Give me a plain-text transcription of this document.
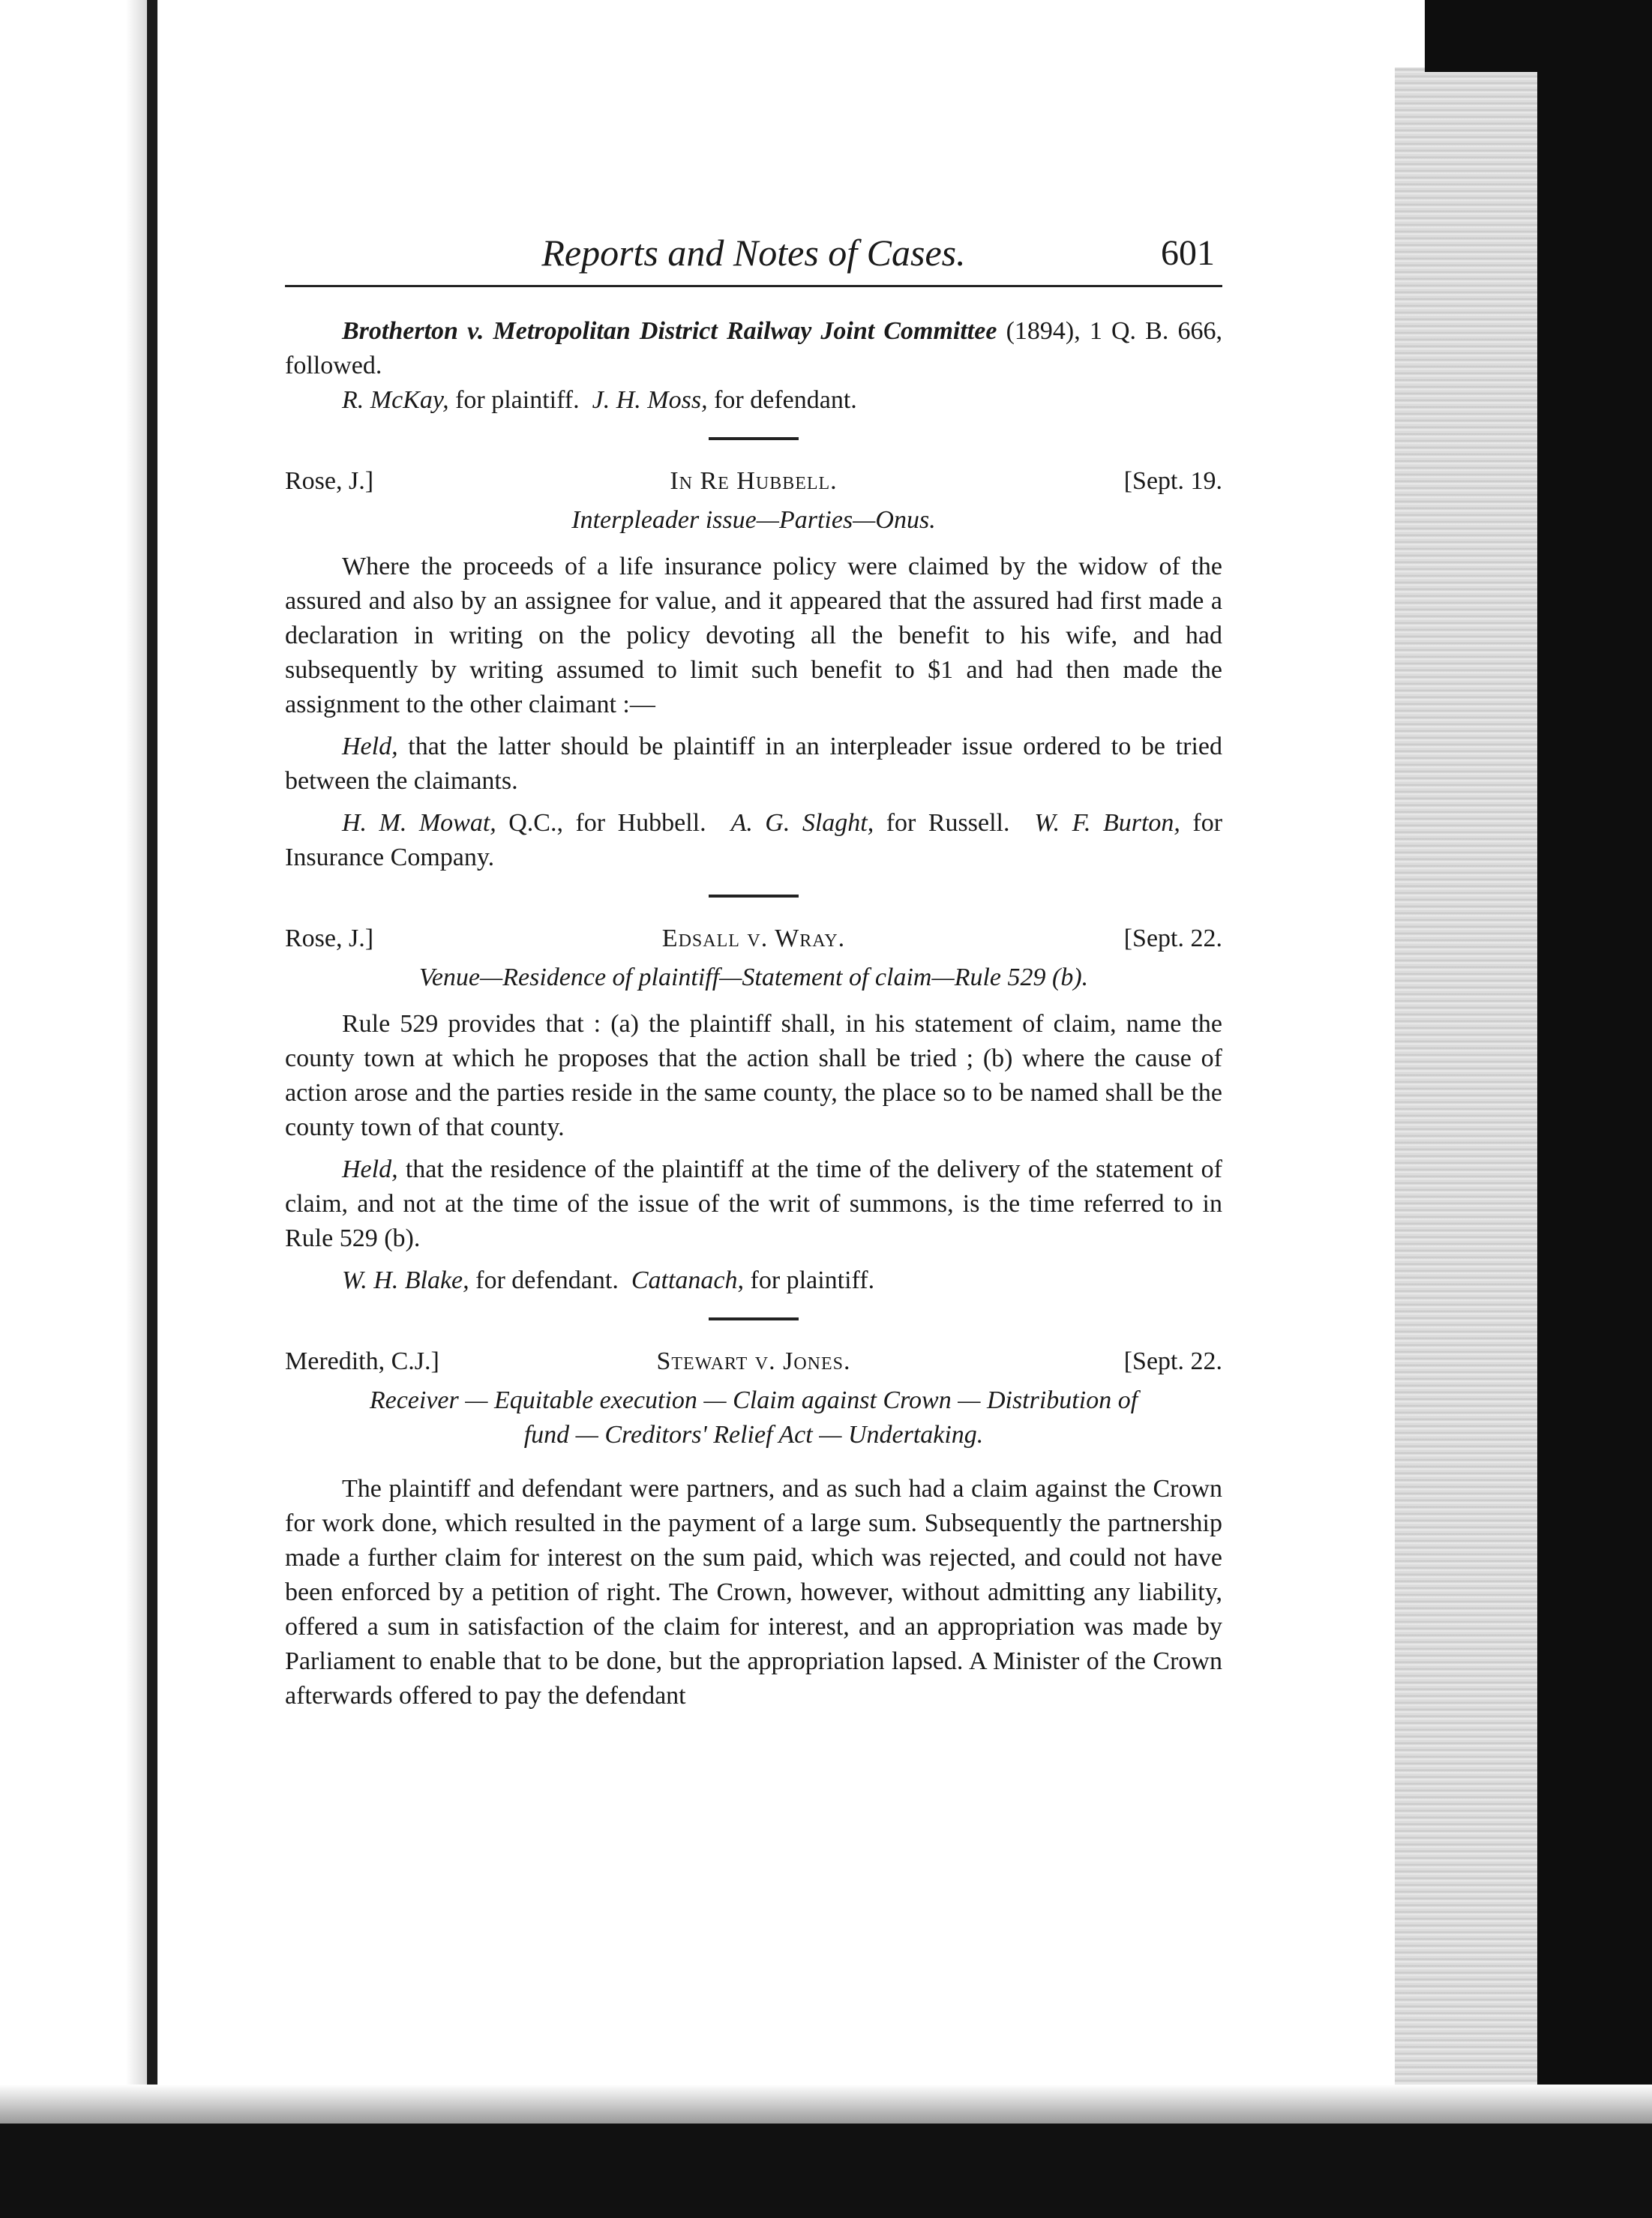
Reports and Notes of Cases.	601

Brotherton v. Metropolitan District Railway Joint Committee (1894), 1 Q. B. 666, followed.

R. McKay, for plaintiff. J. H. Moss, for defendant.

Rose, J.]	In Re Hubbell.	[Sept. 19.
Interpleader issue—Parties—Onus.

Where the proceeds of a life insurance policy were claimed by the widow of the assured and also by an assignee for value, and it appeared that the assured had first made a declaration in writing on the policy devoting all the benefit to his wife, and had subsequently by writing assumed to limit such benefit to $1 and had then made the assignment to the other claimant :—

Held, that the latter should be plaintiff in an interpleader issue ordered to be tried between the claimants.

H. M. Mowat, Q.C., for Hubbell. A. G. Slaght, for Russell. W. F. Burton, for Insurance Company.

Rose, J.]	Edsall v. Wray.	[Sept. 22.
Venue—Residence of plaintiff—Statement of claim—Rule 529 (b).

Rule 529 provides that : (a) the plaintiff shall, in his statement of claim, name the county town at which he proposes that the action shall be tried ; (b) where the cause of action arose and the parties reside in the same county, the place so to be named shall be the county town of that county.

Held, that the residence of the plaintiff at the time of the delivery of the statement of claim, and not at the time of the issue of the writ of summons, is the time referred to in Rule 529 (b).

W. H. Blake, for defendant. Cattanach, for plaintiff.

Meredith, C.J.]	Stewart v. Jones.	[Sept. 22.
Receiver — Equitable execution — Claim against Crown — Distribution of
fund — Creditors' Relief Act — Undertaking.

The plaintiff and defendant were partners, and as such had a claim against the Crown for work done, which resulted in the payment of a large sum. Subsequently the partnership made a further claim for interest on the sum paid, which was rejected, and could not have been enforced by a petition of right. The Crown, however, without admitting any liability, offered a sum in satisfaction of the claim for interest, and an appropriation was made by Parliament to enable that to be done, but the appropriation lapsed. A Minister of the Crown afterwards offered to pay the defendant
